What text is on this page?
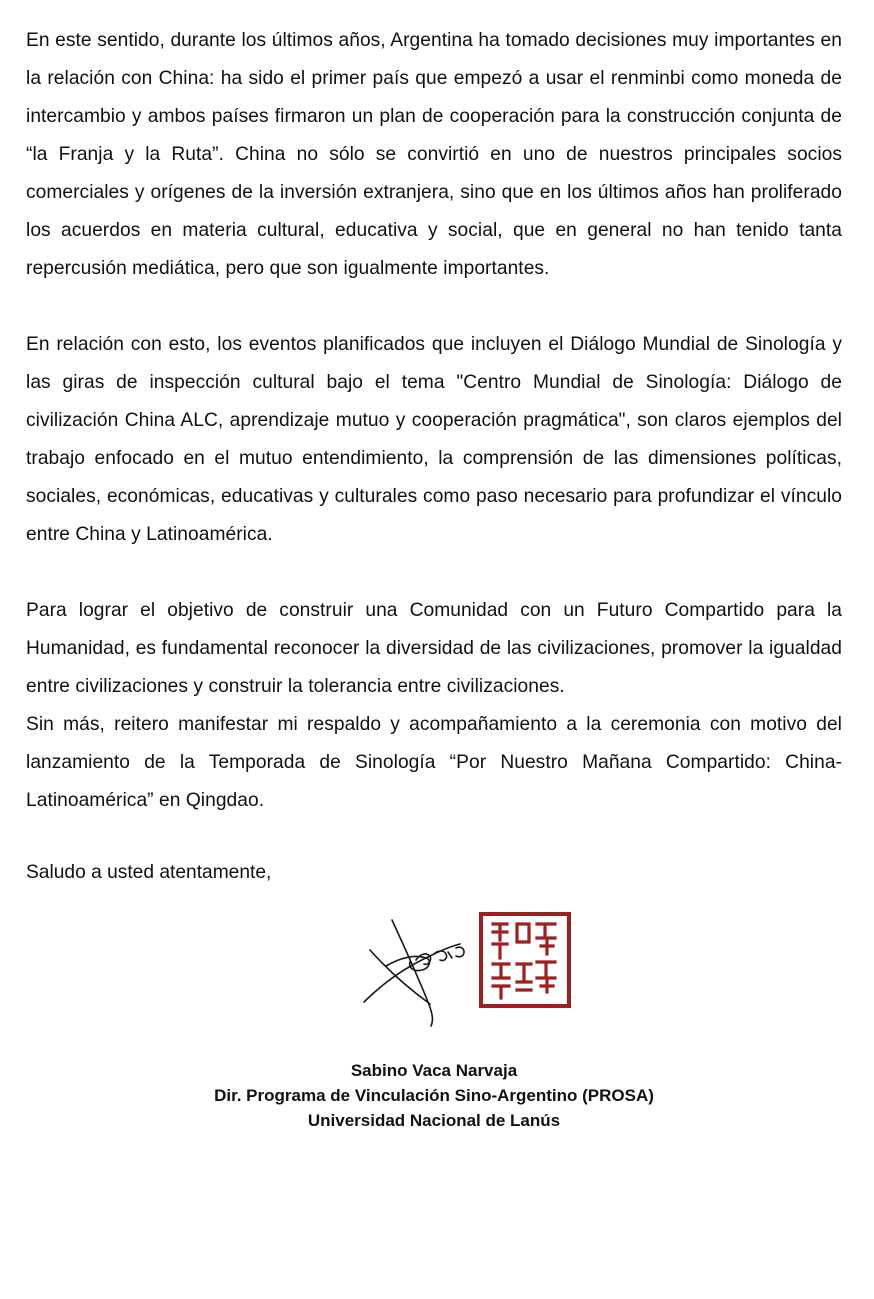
En este sentido, durante los últimos años, Argentina ha tomado decisiones muy importantes en la relación con China: ha sido el primer país que empezó a usar el renminbi como moneda de intercambio y ambos países firmaron un plan de cooperación para la construcción conjunta de “la Franja y la Ruta”. China no sólo se convirtió en uno de nuestros principales socios comerciales y orígenes de la inversión extranjera, sino que en los últimos años han proliferado los acuerdos en materia cultural, educativa y social, que en general no han tenido tanta repercusión mediática, pero que son igualmente importantes.

En relación con esto, los eventos planificados que incluyen el Diálogo Mundial de Sinología y las giras de inspección cultural bajo el tema "Centro Mundial de Sinología: Diálogo de civilización China ALC, aprendizaje mutuo y cooperación pragmática", son claros ejemplos del trabajo enfocado en el mutuo entendimiento, la comprensión de las dimensiones políticas, sociales, económicas, educativas y culturales como paso necesario para profundizar el vínculo entre China y Latinoamérica.

Para lograr el objetivo de construir una Comunidad con un Futuro Compartido para la Humanidad, es fundamental reconocer la diversidad de las civilizaciones, promover la igualdad entre civilizaciones y construir la tolerancia entre civilizaciones.

Sin más, reitero manifestar mi respaldo y acompañamiento a la ceremonia con motivo del lanzamiento de la Temporada de Sinología “Por Nuestro Mañana Compartido: China-Latinoamérica” en Qingdao.

Saludo a usted atentamente,
Sabino Vaca Narvaja
Dir. Programa de Vinculación Sino-Argentino (PROSA)
Universidad Nacional de Lanús
